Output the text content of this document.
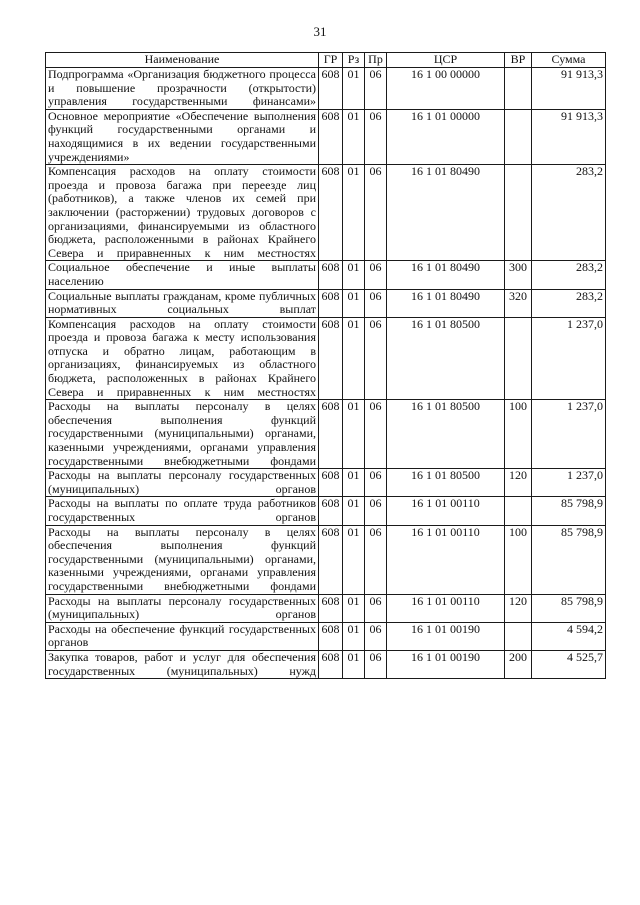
31
Наименование	ГР	Рз	Пр	ЦСР	ВР	Сумма
Подпрограмма «Организация бюджетного процесса и повышение прозрачности (открытости) управления государственными финансами»	608	01	06	16 1 00 00000		91 913,3
Основное мероприятие «Обеспечение выполнения функций государственными органами и находящимися в их ведении государственными учреждениями»	608	01	06	16 1 01 00000		91 913,3
Компенсация расходов на оплату стоимости проезда и провоза багажа при переезде лиц (работников), а также членов их семей при заключении (расторжении) трудовых договоров с организациями, финансируемыми из областного бюджета, расположенными в районах Крайнего Севера и приравненных к ним местностях	608	01	06	16 1 01 80490		283,2
Социальное обеспечение и иные выплаты населению	608	01	06	16 1 01 80490	300	283,2
Социальные выплаты гражданам, кроме публичных нормативных социальных выплат	608	01	06	16 1 01 80490	320	283,2
Компенсация расходов на оплату стоимости проезда и провоза багажа к месту использования отпуска и обратно лицам, работающим в организациях, финансируемых из областного бюджета, расположенных в районах Крайнего Севера и приравненных к ним местностях	608	01	06	16 1 01 80500		1 237,0
Расходы на выплаты персоналу в целях обеспечения выполнения функций государственными (муниципальными) органами, казенными учреждениями, органами управления государственными внебюджетными фондами	608	01	06	16 1 01 80500	100	1 237,0
Расходы на выплаты персоналу государственных (муниципальных) органов	608	01	06	16 1 01 80500	120	1 237,0
Расходы на выплаты по оплате труда работников государственных органов	608	01	06	16 1 01 00110		85 798,9
Расходы на выплаты персоналу в целях обеспечения выполнения функций государственными (муниципальными) органами, казенными учреждениями, органами управления государственными внебюджетными фондами	608	01	06	16 1 01 00110	100	85 798,9
Расходы на выплаты персоналу государственных (муниципальных) органов	608	01	06	16 1 01 00110	120	85 798,9
Расходы на обеспечение функций государственных органов	608	01	06	16 1 01 00190		4 594,2
Закупка товаров, работ и услуг для обеспечения государственных (муниципальных) нужд	608	01	06	16 1 01 00190	200	4 525,7
